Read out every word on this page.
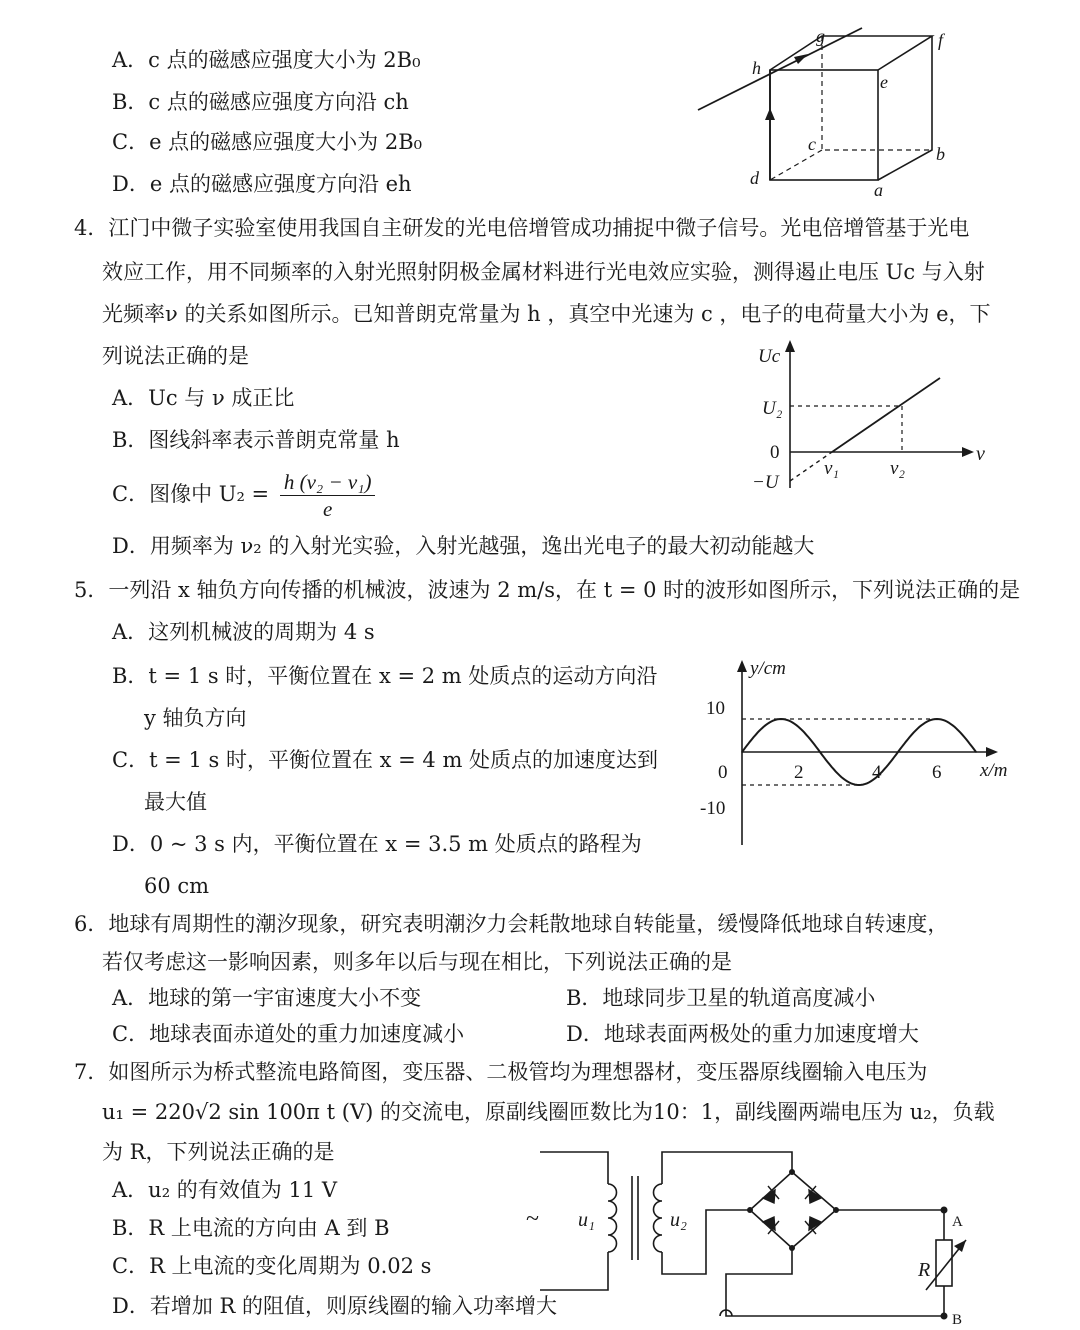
A．c 点的磁感应强度大小为 2B₀
B．c 点的磁感应强度方向沿 ch
C．e 点的磁感应强度大小为 2B₀
D．e 点的磁感应强度方向沿 eh
g	f
h
e
c	b
d
a
4．江门中微子实验室使用我国自主研发的光电倍增管成功捕捉中微子信号。光电倍增管基于光电
效应工作，用不同频率的入射光照射阴极金属材料进行光电效应实验，测得遏止电压 Uc 与入射
光频率ν 的关系如图所示。已知普朗克常量为 h ，真空中光速为 c ，电子的电荷量大小为 e，下
列说法正确的是
A．Uc 与 ν 成正比
B．图线斜率表示普朗克常量 h
C．图像中 $U_2 = \frac{\text{h (ν₂ − ν₁)}}{e}$
D．用频率为 ν₂ 的入射光实验，入射光越强，逸出光电子的最大初动能越大
Uc
U₂
0
−U
ν₁	ν₂
ν
5．一列沿 x 轴负方向传播的机械波，波速为 2 m/s，在 t = 0 时的波形如图所示，下列说法正确的是
A．这列机械波的周期为 4 s
B．t = 1 s 时，平衡位置在 x = 2 m 处质点的运动方向沿
y 轴负方向
C．t = 1 s 时，平衡位置在 x = 4 m 处质点的加速度达到
最大值
D．0 ~ 3 s 内，平衡位置在 x = 3.5 m 处质点的路程为
60 cm
y/cm
x/m
10
0
-10
2	4	6
6．地球有周期性的潮汐现象，研究表明潮汐力会耗散地球自转能量，缓慢降低地球自转速度，
若仅考虑这一影响因素，则多年以后与现在相比，下列说法正确的是
A．地球的第一宇宙速度大小不变	B．地球同步卫星的轨道高度减小
C．地球表面赤道处的重力加速度减小	D．地球表面两极处的重力加速度增大
7．如图所示为桥式整流电路简图，变压器、二极管均为理想器材，变压器原线圈输入电压为
u₁ = 220√2 sin 100π t (V) 的交流电，原副线圈匝数比为10：1，副线圈两端电压为 u₂，负载
为 R，下列说法正确的是
A．u₂ 的有效值为 11 V
B．R 上电流的方向由 A 到 B
C．R 上电流的变化周期为 0.02 s
D．若增加 R 的阻值，则原线圈的输入功率增大
~ u₁	u₂
R
A
B
